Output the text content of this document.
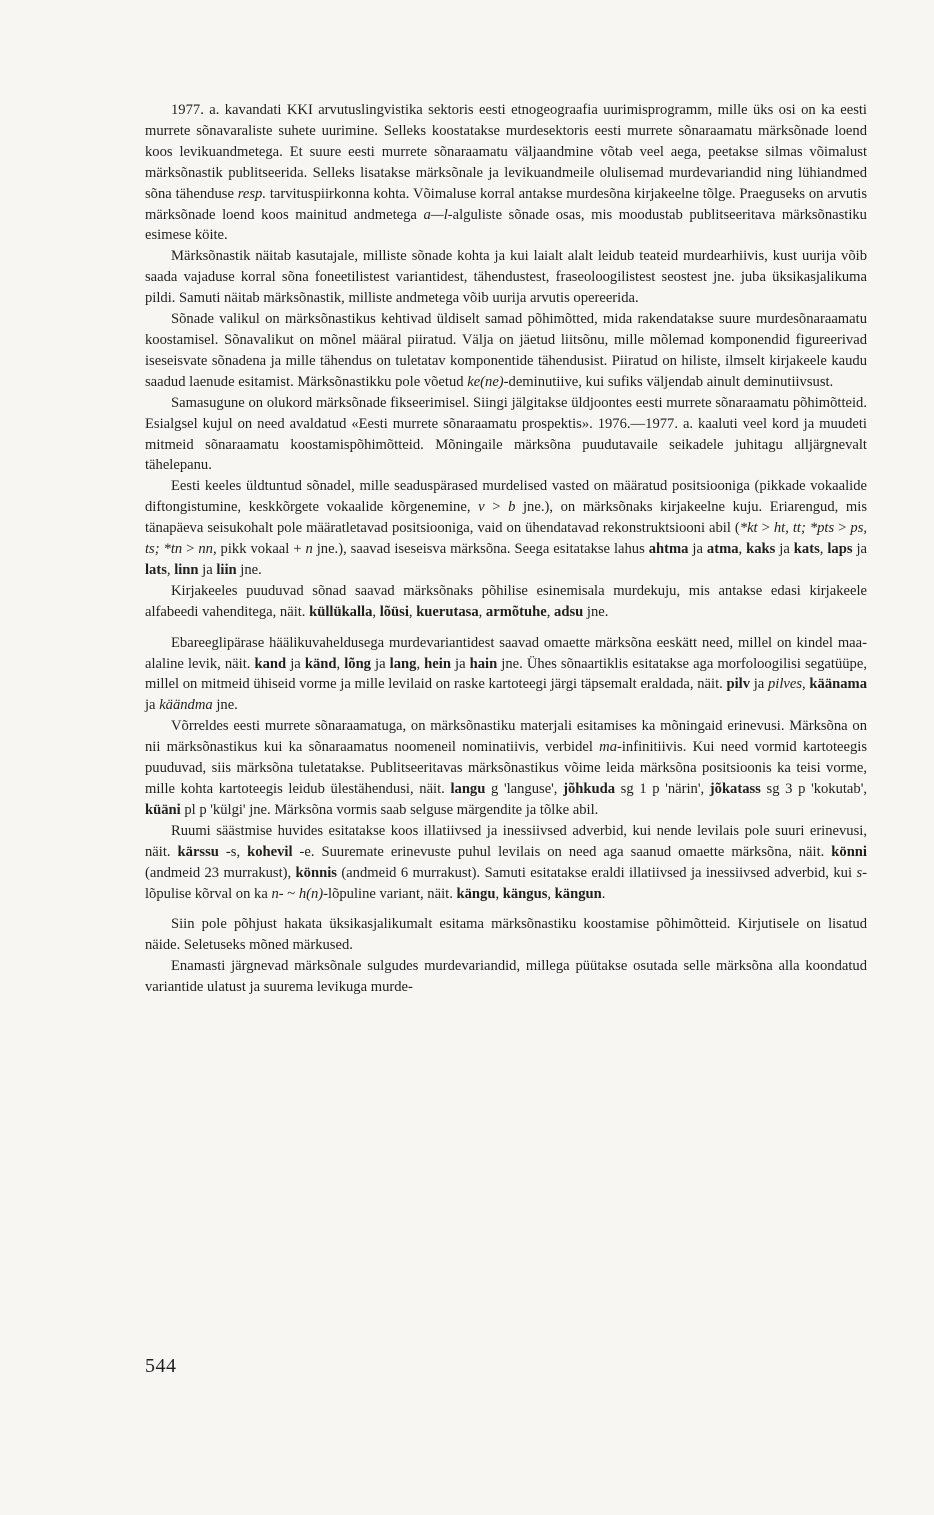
1977. a. kavandati KKI arvutuslingvistika sektoris eesti etnogeograafia uurimisprogramm, mille üks osi on ka eesti murrete sõnavaraliste suhete uurimine. Selleks koostatakse murdesektoris eesti murrete sõnaraamatu märksõnade loend koos levikuandmetega. Et suure eesti murrete sõnaraamatu väljaandmine võtab veel aega, peetakse silmas võimalust märksõnastik publitseerida. Selleks lisatakse märksõnale ja levikuandmeile olulisemad murdevariandid ning lühiandmed sõna tähenduse resp. tarvituspiirkonna kohta. Võimaluse korral antakse murdesõna kirjakeelne tõlge. Praeguseks on arvutis märksõnade loend koos mainitud andmetega a—l-alguliste sõnade osas, mis moodustab publitseeritava märksõnastiku esimese köite.

Märksõnastik näitab kasutajale, milliste sõnade kohta ja kui laialt alalt leidub teateid murdearhiivis, kust uurija võib saada vajaduse korral sõna foneetilistest variantidest, tähendustest, fraseoloogilistest seostest jne. juba üksikasjalikuma pildi. Samuti näitab märksõnastik, milliste andmetega võib uurija arvutis opereerida.

Sõnade valikul on märksõnastikus kehtivad üldiselt samad põhimõtted, mida rakendatakse suure murdesõnaraamatu koostamisel. Sõnavalikut on mõnel määral piiratud. Välja on jäetud liitsõnu, mille mõlemad komponendid figureerivad iseseisvate sõnadena ja mille tähendus on tuletatav komponentide tähendusist. Piiratud on hiliste, ilmselt kirjakeele kaudu saadud laenude esitamist. Märksõnastikku pole võetud ke(ne)-deminutiive, kui sufiks väljendab ainult deminutiivsust.

Samasugune on olukord märksõnade fikseerimisel. Siingi jälgitakse üldjoontes eesti murrete sõnaraamatu põhimõtteid. Esialgsel kujul on need avaldatud «Eesti murrete sõnaraamatu prospektis». 1976.—1977. a. kaaluti veel kord ja muudeti mitmeid sõnaraamatu koostamispõhimõtteid. Mõningaile märksõna puudutavaile seikadele juhitagu alljärgnevalt tähelepanu.

Eesti keeles üldtuntud sõnadel, mille seaduspärased murdelised vasted on määratud positsiooniga (pikkade vokaalide diftongistumine, keskkõrgete vokaalide kõrgenemine, v > b jne.), on märksõnaks kirjakeelne kuju. Eriarengud, mis tänapäeva seisukohalt pole määratletavad positsiooniga, vaid on ühendatavad rekonstruktsiooni abil (*kt > ht, tt; *pts > ps, ts; *tn > nn, pikk vokaal + n jne.), saavad iseseisva märksõna. Seega esitatakse lahus ahtma ja atma, kaks ja kats, laps ja lats, linn ja liin jne.

Kirjakeeles puuduvad sõnad saavad märksõnaks põhilise esinemisala murdekuju, mis antakse edasi kirjakeele alfabeedi vahenditega, näit. küllükalla, lõüsi, kuerutasa, armõtuhe, adsu jne.

Ebareeglipärase häälikuvaheldusega murdevariantidest saavad omaette märksõna eeskätt need, millel on kindel maa-alaline levik, näit. kand ja känd, lõng ja lang, hein ja hain jne. Ühes sõnaartiklis esitatakse aga morfoloogilisi segatüüpe, millel on mitmeid ühiseid vorme ja mille levilaid on raske kartoteegi järgi täpsemalt eraldada, näit. pilv ja pilves, käänama ja käändma jne.

Võrreldes eesti murrete sõnaraamatuga, on märksõnastiku materjali esitamises ka mõningaid erinevusi. Märksõna on nii märksõnastikus kui ka sõnaraamatus noomeneil nominatiivis, verbidel ma-infinitiivis. Kui need vormid kartoteegis puuduvad, siis märksõna tuletatakse. Publitseeritavas märksõnastikus võime leida märksõna positsioonis ka teisi vorme, mille kohta kartoteegis leidub ülestähendusi, näit. langu g 'languse', jõhkuda sg 1 p 'närin', jõkatass sg 3 p 'kokutab', küäni pl p 'külgi' jne. Märksõna vormis saab selguse märgendite ja tõlke abil.

Ruumi säästmise huvides esitatakse koos illatiivsed ja inessiivsed adverbid, kui nende levilais pole suuri erinevusi, näit. kärssu -s, kohevil -e. Suuremate erinevuste puhul levilais on need aga saanud omaette märksõna, näit. könni (andmeid 23 murrakust), könnis (andmeid 6 murrakust). Samuti esitatakse eraldi illatiivsed ja inessiivsed adverbid, kui s-lõpulise kõrval on ka n- ~ h(n)-lõpuline variant, näit. kängu, kängus, kängun.

Siin pole põhjust hakata üksikasjalikumalt esitama märksõnastiku koostamise põhimõtteid. Kirjutisele on lisatud näide. Seletuseks mõned märkused.

Enamasti järgnevad märksõnale sulgudes murdevariandid, millega püütakse osutada selle märksõna alla koondatud variantide ulatust ja suurema levikuga murde-

544
